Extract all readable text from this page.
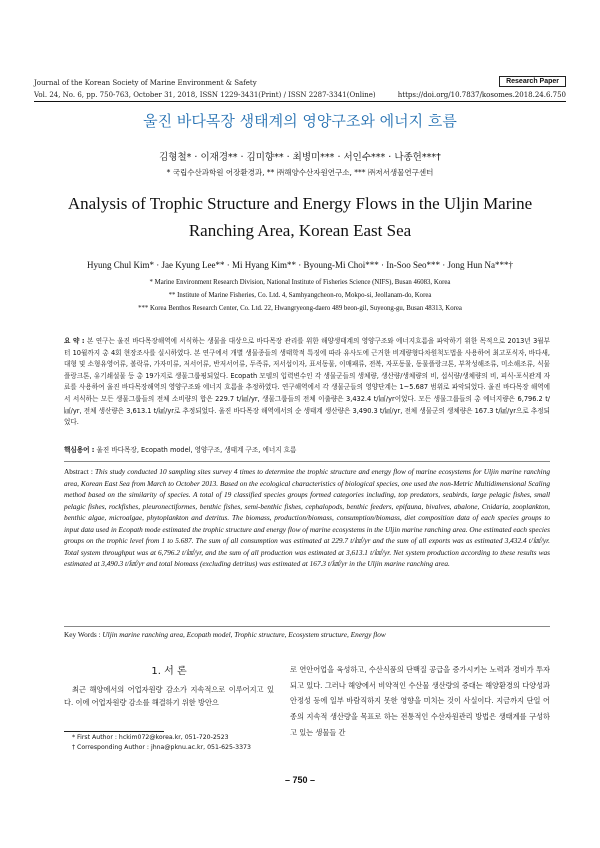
Journal of the Korean Society of Marine Environment & Safety	Research Paper
Vol. 24, No. 6, pp. 750-763, October 31, 2018, ISSN 1229-3431(Print) / ISSN 2287-3341(Online)	https://doi.org/10.7837/kosomes.2018.24.6.750
울진 바다목장 생태계의 영양구조와 에너지 흐름
김형철* · 이재경** · 김미향** · 최병미*** · 서인수*** · 나종헌***†
* 국립수산과학원 어장환경과, ** ㈜해양수산자원연구소, *** ㈜저서생물연구센터
Analysis of Trophic Structure and Energy Flows in the Uljin Marine Ranching Area, Korean East Sea
Hyung Chul Kim* · Jae Kyung Lee** · Mi Hyang Kim** · Byoung-Mi Choi*** · In-Soo Seo*** · Jong Hun Na***†
* Marine Environment Research Division, National Institute of Fisheries Science (NIFS), Busan 46083, Korea
** Institute of Marine Fisheries, Co. Ltd. 4, Samhyangcheon-ro, Mokpo-si, Jeollanam-do, Korea
*** Korea Benthos Research Center, Co. Ltd. 22, Hwangryeong-daero 489 beon-gil, Suyeong-gu, Busan 48313, Korea
요 약 : 본 연구는 울진 바다목장해역에 서식하는 생물을 대상으로 바다목장 관리를 위한 해양생태계의 영양구조와 에너지흐름을 파악하기 위한 목적으로 2013년 3월부터 10월까지 총 4회 현장조사를 실시하였다. 본 연구에서 개별 생물종들의 생태학적 특징에 따라 유사도에 근거한 비계량형다차원척도법을 사용하여 최고포식자, 바다새, 대형 및 소형유영어류, 볼락류, 가자미류, 저서어류, 반저서어류, 두족류, 저서섭이자, 표서동물, 이매패류, 전복, 자포동물, 동물플랑크톤, 부착성해조류, 미소해조류, 식물플랑크톤, 유기쇄설물 등 총 19가지로 생물그룹핑되었다. Ecopath 모델의 입력변수인 각 생물군들의 생체량, 생산량/생체량의 비, 섭식량/생체량의 비, 피식-포식관계 자료를 사용하여 울진 바다목장해역의 영양구조와 에너지 흐름을 추정하였다. 연구해역에서 각 생물군들의 영양단계는 1~5.687 범위로 파악되었다. 울진 바다목장 해역에서 서식하는 모든 생물그룹들의 전체 소비량의 합은 229.7 t/㎢/yr, 생물그룹들의 전체 이출량은 3,432.4 t/㎢/yr이었다. 모든 생물그룹들의 총 에너지량은 6,796.2 t/㎢/yr, 전체 생산량은 3,613.1 t/㎢/yr로 추정되었다. 울진 바다목장 해역에서의 순 생태계 생산량은 3,490.3 t/㎢/yr, 전체 생물군의 생체량은 167.3 t/㎢/yr으로 추정되었다.
핵심용어 : 울진 바다목장, Ecopath model, 영양구조, 생태계 구조, 에너지 흐름
Abstract : This study conducted 10 sampling sites survey 4 times to determine the trophic structure and energy flow of marine ecosystems for Uljin marine ranching area, Korean East Sea from March to October 2013. Based on the ecological characteristics of biological species, one used the non-Metric Multidimensional Scaling method based on the similarity of species. A total of 19 classified species groups formed categories including, top predators, seabirds, large pelagic fishes, small pelagic fishes, rockfishes, pleuronectiformes, benthic fishes, semi-benthic fishes, cephalopods, benthic feeders, epifauna, bivalves, abalone, Cnidaria, zooplankton, benthic algae, microalgae, phytoplankton and detritus. The biomass, production/biomass, consumption/biomass, diet composition data of each species groups to input data used in Ecopath mode estimated the trophic structure and energy flow of marine ecosystems in the Uljin marine ranching area. One estimated each species groups on the trophic level from 1 to 5.687. The sum of all consumption was estimated at 229.7 t/㎢/yr and the sum of all exports was as estimated 3,432.4 t/㎢/yr. Total system throughput was at 6,796.2 t/㎢/yr, and the sum of all production was estimated at 3,613.1 t/㎢/yr. Net system production according to these results was estimated at 3,490.3 t/㎢/yr and total biomass (excluding detritus) was estimated at 167.3 t/㎢/yr in the Uljin marine ranching area.
Key Words : Uljin marine ranching area, Ecopath model, Trophic structure, Ecosystem structure, Energy flow
1. 서 론
최근 해양에서의 어업자원량 감소가 지속적으로 이루어지고 있다. 이에 어업자원량 감소를 해결하기 위한 방안으
로 연안어업을 육성하고, 수산식품의 단백질 공급을 증가시키는 노력과 경비가 투자되고 있다. 그러나 해양에서 비약적인 수산물 생산량의 증대는 해양환경의 다양성과 안정성 등에 일부 바람직하지 못한 영향을 미치는 것이 사실이다. 지금까지 단일 어종의 지속적 생산량을 목표로 하는 전통적인 수산자원관리 방법은 생태계를 구성하고 있는 생물들 간
* First Author : hckim072@korea.kr, 051-720-2523
† Corresponding Author : jhna@pknu.ac.kr, 051-625-3373
– 750 –
